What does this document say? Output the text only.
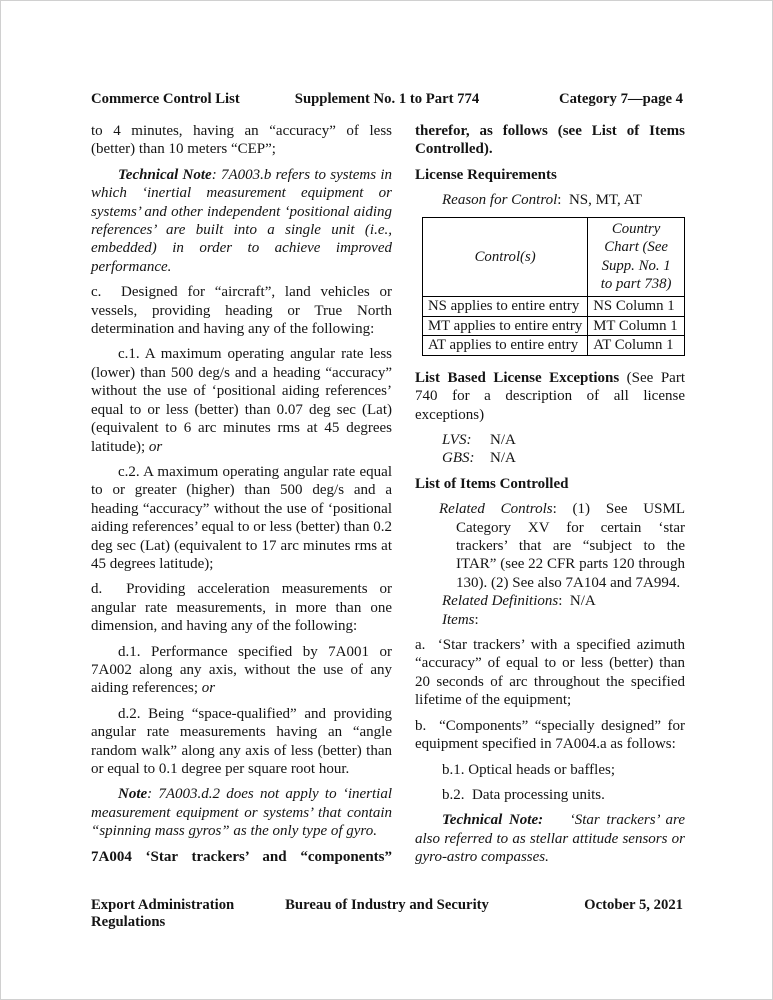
Commerce Control List	Supplement No. 1 to Part 774	Category 7—page 4

to 4 minutes, having an “accuracy” of less (better) than 10 meters “CEP”;

Technical Note: 7A003.b refers to systems in which ‘inertial measurement equipment or systems’ and other independent ‘positional aiding references’ are built into a single unit (i.e., embedded) in order to achieve improved performance.

c.  Designed for “aircraft”, land vehicles or vessels, providing heading or True North determination and having any of the following:

c.1. A maximum operating angular rate less (lower) than 500 deg/s and a heading “accuracy” without the use of ‘positional aiding references’ equal to or less (better) than 0.07 deg sec (Lat) (equivalent to 6 arc minutes rms at 45 degrees latitude); or

c.2. A maximum operating angular rate equal to or greater (higher) than 500 deg/s and a heading “accuracy” without the use of ‘positional aiding references’ equal to or less (better) than 0.2 deg sec (Lat) (equivalent to 17 arc minutes rms at 45 degrees latitude);

d.  Providing acceleration measurements or angular rate measurements, in more than one dimension, and having any of the following:

d.1. Performance specified by 7A001 or 7A002 along any axis, without the use of any aiding references; or

d.2. Being “space-qualified” and providing angular rate measurements having an “angle random walk” along any axis of less (better) than or equal to 0.1 degree per square root hour.

Note: 7A003.d.2 does not apply to ‘inertial measurement equipment or systems’ that contain “spinning mass gyros” as the only type of gyro.

7A004 ‘Star trackers’ and “components”

therefor, as follows (see List of Items Controlled).

License Requirements

Reason for Control:  NS, MT, AT

Control(s)	Country Chart (See Supp. No. 1 to part 738)
NS applies to entire entry	NS Column 1
MT applies to entire entry	MT Column 1
AT applies to entire entry	AT Column 1

List Based License Exceptions (See Part 740 for a description of all license exceptions)

LVS: N/A

GBS: N/A

List of Items Controlled

Related Controls: (1) See USML Category XV for certain ‘star trackers’ that are “subject to the ITAR” (see 22 CFR parts 120 through 130). (2) See also 7A104 and 7A994.

Related Definitions:  N/A

Items:

a.  ‘Star trackers’ with a specified azimuth “accuracy” of equal to or less (better) than 20 seconds of arc throughout the specified lifetime of the equipment;

b.  “Components” “specially designed” for equipment specified in 7A004.a as follows:

b.1. Optical heads or baffles;

b.2.  Data processing units.

Technical Note:    ‘Star trackers’ are also referred to as stellar attitude sensors or gyro-astro compasses.

Export Administration Regulations
Bureau of Industry and Security	October 5, 2021
